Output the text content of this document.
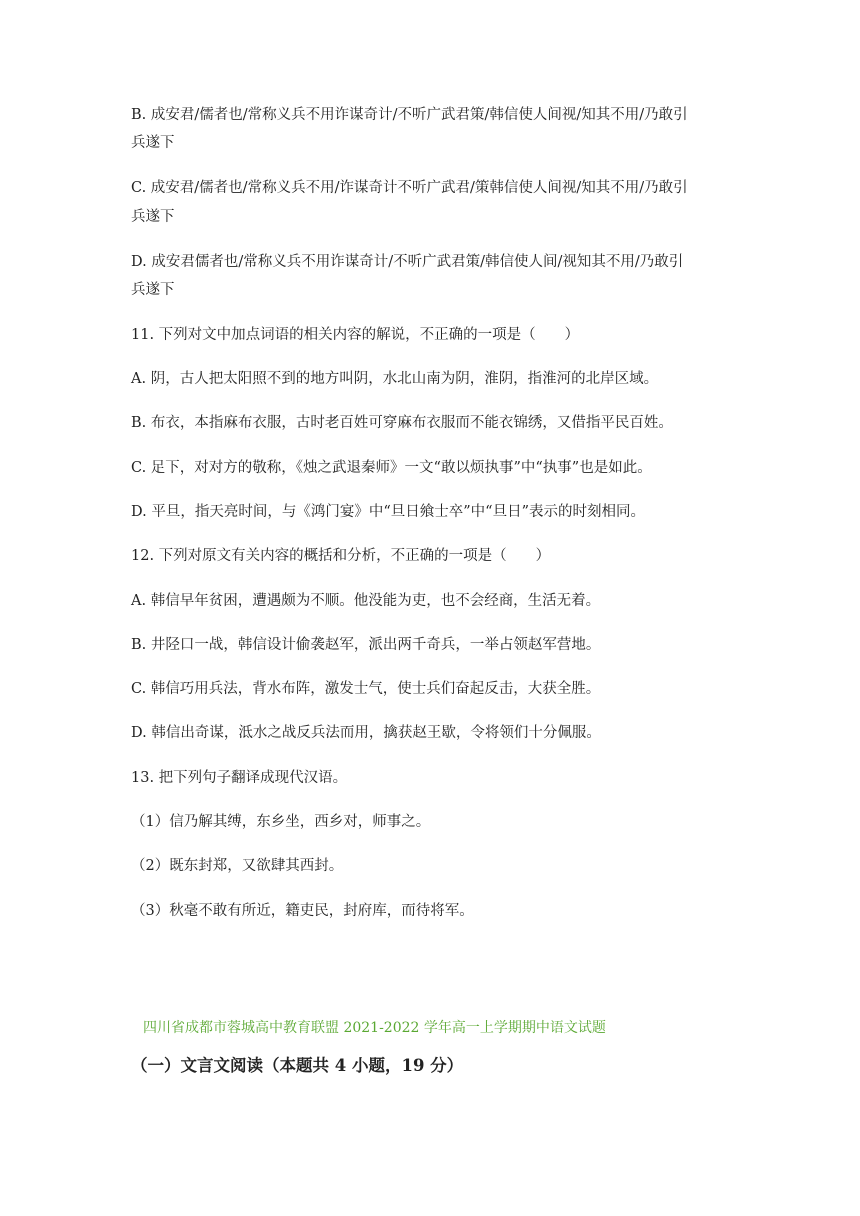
B. 成安君/儒者也/常称义兵不用诈谋奇计/不听广武君策/韩信使人间视/知其不用/乃敢引
兵遂下
C. 成安君/儒者也/常称义兵不用/诈谋奇计不听广武君/策韩信使人间视/知其不用/乃敢引
兵遂下
D. 成安君儒者也/常称义兵不用诈谋奇计/不听广武君策/韩信使人间/视知其不用/乃敢引
兵遂下
11. 下列对文中加点词语的相关内容的解说，不正确的一项是（　　）
A. 阴，古人把太阳照不到的地方叫阴，水北山南为阴，淮阴，指淮河的北岸区域。
B. 布衣，本指麻布衣服，古时老百姓可穿麻布衣服而不能衣锦绣，又借指平民百姓。
C. 足下，对对方的敬称，《烛之武退秦师》一文“敢以烦执事”中“执事”也是如此。
D. 平旦，指天亮时间，与《鸿门宴》中“旦日飨士卒”中“旦日”表示的时刻相同。
12. 下列对原文有关内容的概括和分析，不正确的一项是（　　）
A. 韩信早年贫困，遭遇颇为不顺。他没能为吏，也不会经商，生活无着。
B. 井陉口一战，韩信设计偷袭赵军，派出两千奇兵，一举占领赵军营地。
C. 韩信巧用兵法，背水布阵，激发士气，使士兵们奋起反击，大获全胜。
D. 韩信出奇谋，泜水之战反兵法而用，擒获赵王歇，令将领们十分佩服。
13. 把下列句子翻译成现代汉语。
（1）信乃解其缚，东乡坐，西乡对，师事之。
（2）既东封郑，又欲肆其西封。
（3）秋毫不敢有所近，籍吏民，封府库，而待将军。
四川省成都市蓉城高中教育联盟 2021-2022 学年高一上学期期中语文试题
（一）文言文阅读（本题共 4 小题，19 分）
